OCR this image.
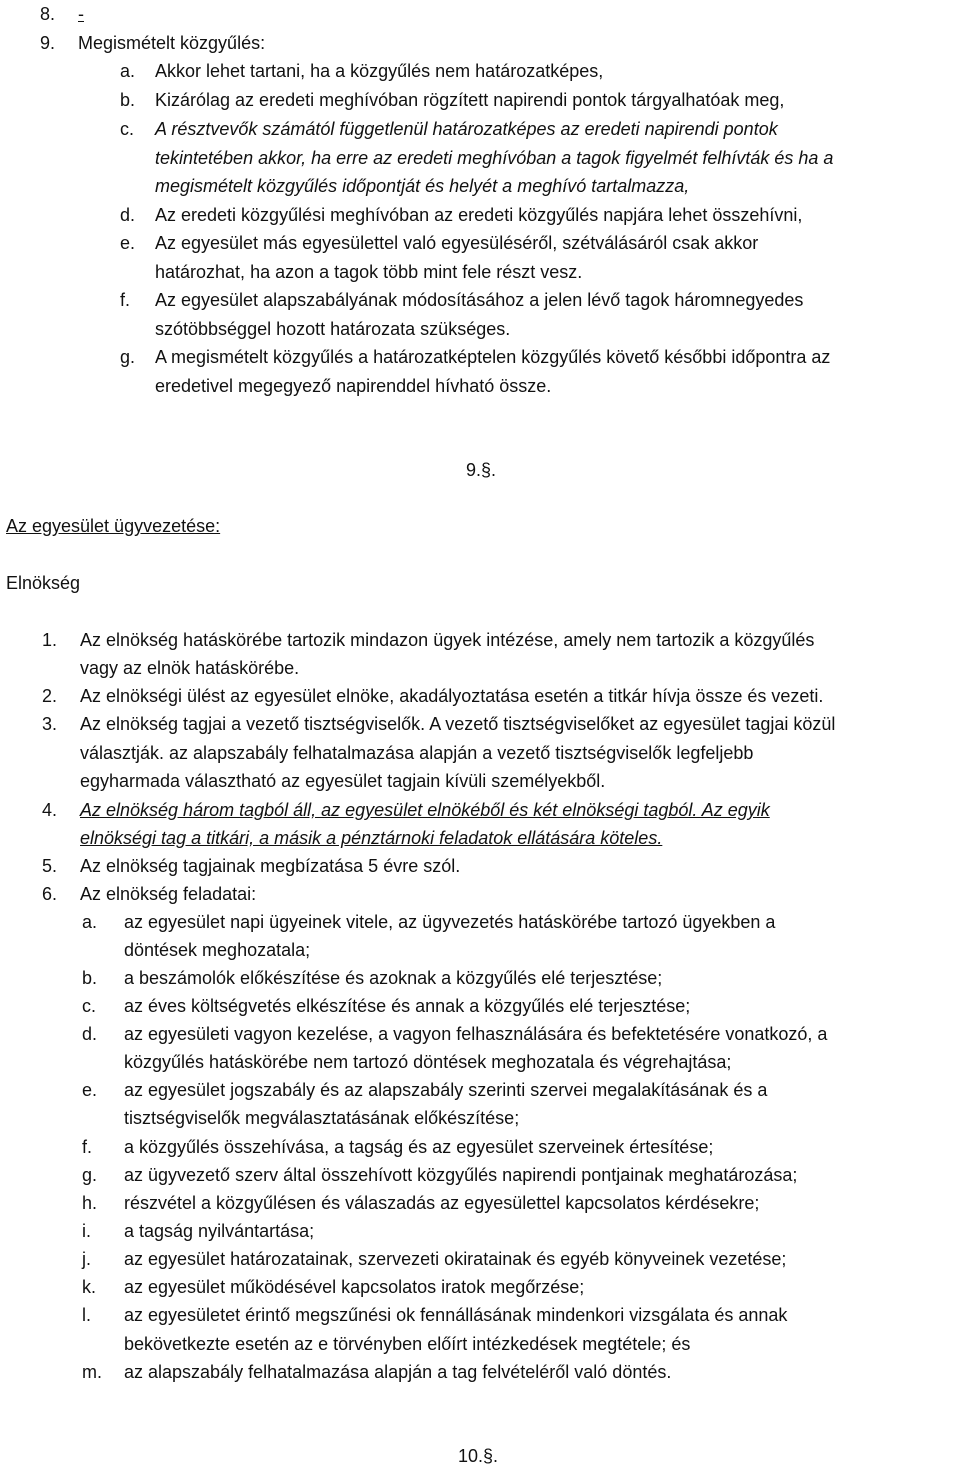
8. -
9. Megismételt közgyűlés:
a. Akkor lehet tartani, ha a közgyűlés nem határozatképes,
b. Kizárólag az eredeti meghívóban rögzített napirendi pontok tárgyalhatóak meg,
c. A résztvevők számától függetlenül határozatképes az eredeti napirendi pontok
tekintetében akkor, ha erre az eredeti meghívóban a tagok figyelmét felhívták és ha a
megismételt közgyűlés időpontját és helyét a meghívó tartalmazza,
d. Az eredeti közgyűlési meghívóban az eredeti közgyűlés napjára lehet összehívni,
e. Az egyesület más egyesülettel való egyesüléséről, szétválásáról csak akkor
határozhat, ha azon a tagok több mint fele részt vesz.
f. Az egyesület alapszabályának módosításához a jelen lévő tagok háromnegyedes
szótöbbséggel hozott határozata szükséges.
g. A megismételt közgyűlés a határozatképtelen közgyűlés követő későbbi időpontra az
eredetivel megegyező napirenddel hívható össze.
9.§.
Az egyesület ügyvezetése:
Elnökség
1. Az elnökség hatáskörébe tartozik mindazon ügyek intézése, amely nem tartozik a közgyűlés
vagy az elnök hatáskörébe.
2. Az elnökségi ülést az egyesület elnöke, akadályoztatása esetén a titkár hívja össze és vezeti.
3. Az elnökség tagjai a vezető tisztségviselők. A vezető tisztségviselőket az egyesület tagjai közül
választják. az alapszabály felhatalmazása alapján a vezető tisztségviselők legfeljebb
egyharmada választható az egyesület tagjain kívüli személyekből.
4. Az elnökség három tagból áll, az egyesület elnökéből és két elnökségi tagból. Az egyik
elnökségi tag a titkári, a másik a pénztárnoki feladatok ellátására köteles.
5. Az elnökség tagjainak megbízatása 5 évre szól.
6. Az elnökség feladatai:
a. az egyesület napi ügyeinek vitele, az ügyvezetés hatáskörébe tartozó ügyekben a
döntések meghozatala;
b. a beszámolók előkészítése és azoknak a közgyűlés elé terjesztése;
c. az éves költségvetés elkészítése és annak a közgyűlés elé terjesztése;
d. az egyesületi vagyon kezelése, a vagyon felhasználására és befektetésére vonatkozó, a
közgyűlés hatáskörébe nem tartozó döntések meghozatala és végrehajtása;
e. az egyesület jogszabály és az alapszabály szerinti szervei megalakításának és a
tisztségviselők megválasztatásának előkészítése;
f. a közgyűlés összehívása, a tagság és az egyesület szerveinek értesítése;
g. az ügyvezető szerv által összehívott közgyűlés napirendi pontjainak meghatározása;
h. részvétel a közgyűlésen és válaszadás az egyesülettel kapcsolatos kérdésekre;
i. a tagság nyilvántartása;
j. az egyesület határozatainak, szervezeti okiratainak és egyéb könyveinek vezetése;
k. az egyesület működésével kapcsolatos iratok megőrzése;
l. az egyesületet érintő megszűnési ok fennállásának mindenkori vizsgálata és annak
bekövetkezte esetén az e törvényben előírt intézkedések megtétele; és
m. az alapszabály felhatalmazása alapján a tag felvételéről való döntés.
10.§.
